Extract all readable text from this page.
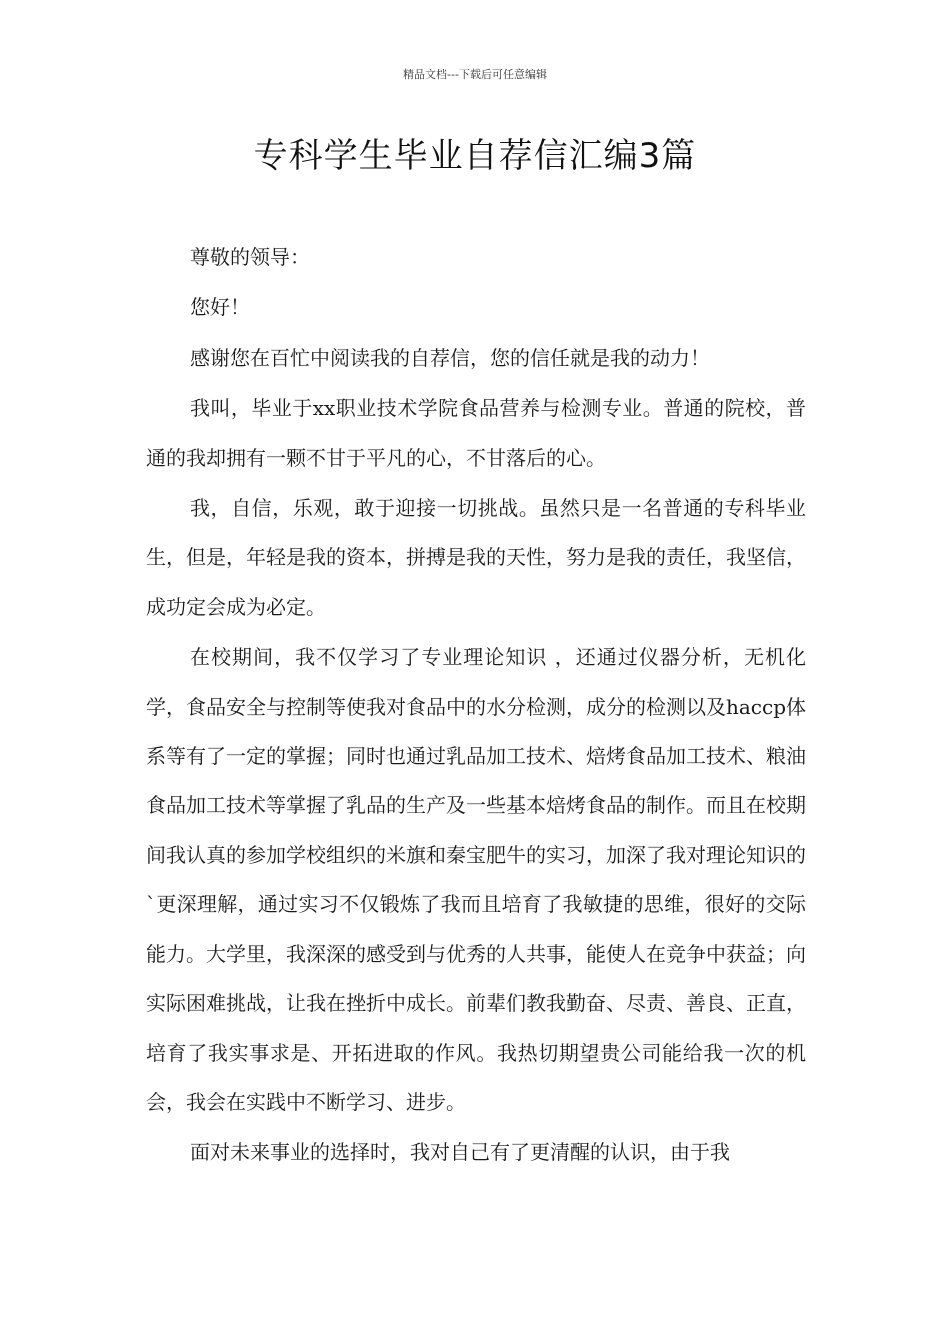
精品文档---下载后可任意编辑
专科学生毕业自荐信汇编3篇

尊敬的领导：

您好！

感谢您在百忙中阅读我的自荐信，您的信任就是我的动力！

我叫，毕业于xx职业技术学院食品营养与检测专业。普通的院校，普通的我却拥有一颗不甘于平凡的心，不甘落后的心。

我，自信，乐观，敢于迎接一切挑战。虽然只是一名普通的专科毕业生，但是，年轻是我的资本，拼搏是我的天性，努力是我的责任，我坚信，成功定会成为必定。

在校期间，我不仅学习了专业理论知识 ，还通过仪器分析，无机化学，食品安全与控制等使我对食品中的水分检测，成分的检测以及haccp体系等有了一定的掌握；同时也通过乳品加工技术、焙烤食品加工技术、粮油食品加工技术等掌握了乳品的生产及一些基本焙烤食品的制作。而且在校期间我认真的参加学校组织的米旗和秦宝肥牛的实习，加深了我对理论知识的`更深理解，通过实习不仅锻炼了我而且培育了我敏捷的思维，很好的交际能力。大学里，我深深的感受到与优秀的人共事，能使人在竞争中获益；向实际困难挑战，让我在挫折中成长。前辈们教我勤奋、尽责、善良、正直，培育了我实事求是、开拓进取的作风。我热切期望贵公司能给我一次的机会，我会在实践中不断学习、进步。

面对未来事业的选择时，我对自己有了更清醒的认识，由于我
